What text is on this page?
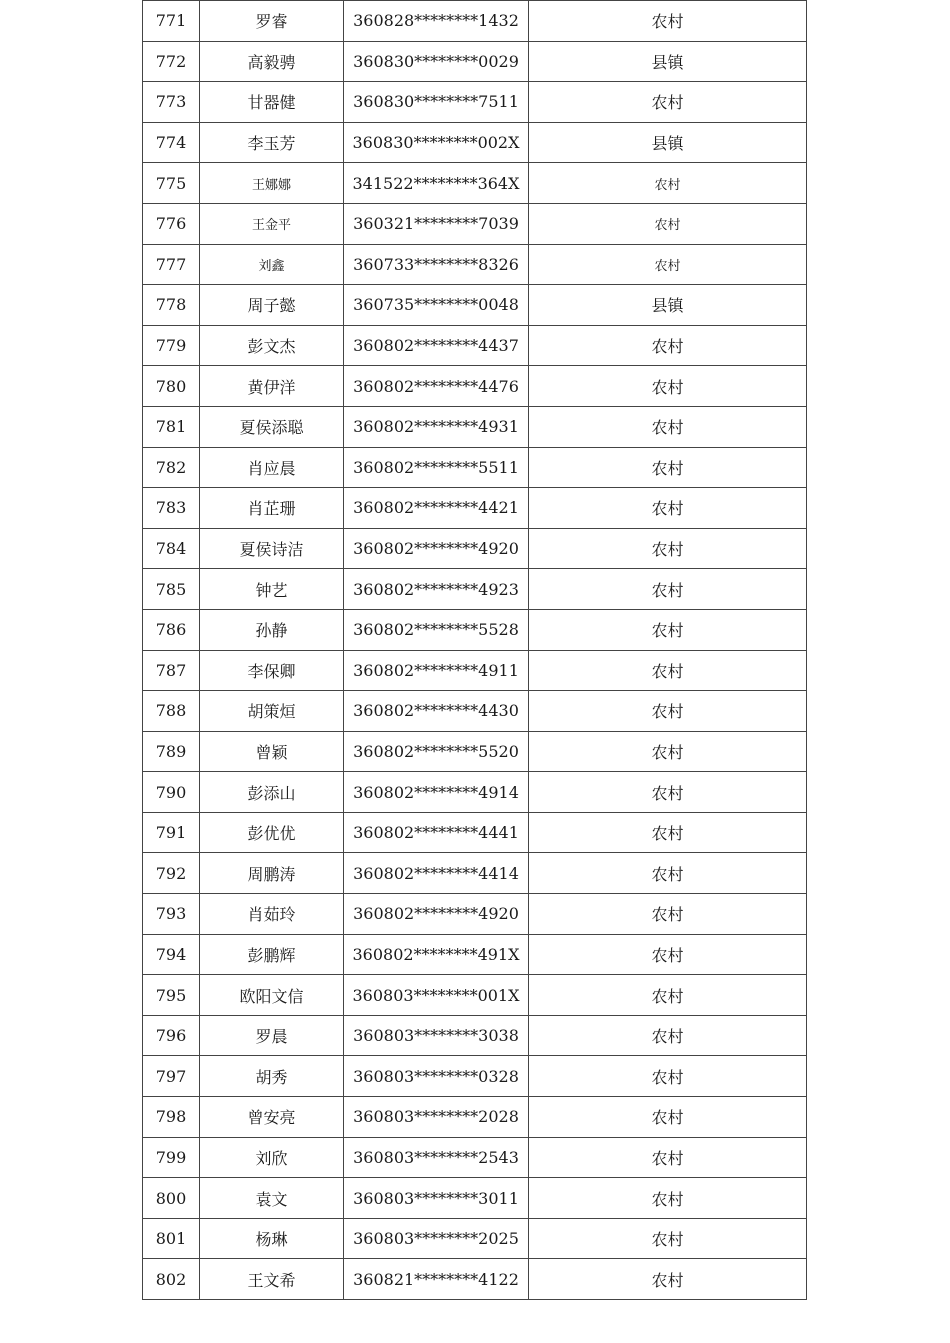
771	罗睿	360828********1432	农村
772	高毅骋	360830********0029	县镇
773	甘器健	360830********7511	农村
774	李玉芳	360830********002X	县镇
775	王娜娜	341522********364X	农村
776	王金平	360321********7039	农村
777	刘鑫	360733********8326	农村
778	周子懿	360735********0048	县镇
779	彭文杰	360802********4437	农村
780	黄伊洋	360802********4476	农村
781	夏侯添聪	360802********4931	农村
782	肖应晨	360802********5511	农村
783	肖芷珊	360802********4421	农村
784	夏侯诗洁	360802********4920	农村
785	钟艺	360802********4923	农村
786	孙静	360802********5528	农村
787	李保卿	360802********4911	农村
788	胡策烜	360802********4430	农村
789	曾颖	360802********5520	农村
790	彭添山	360802********4914	农村
791	彭优优	360802********4441	农村
792	周鹏涛	360802********4414	农村
793	肖茹玲	360802********4920	农村
794	彭鹏辉	360802********491X	农村
795	欧阳文信	360803********001X	农村
796	罗晨	360803********3038	农村
797	胡秀	360803********0328	农村
798	曾安亮	360803********2028	农村
799	刘欣	360803********2543	农村
800	袁文	360803********3011	农村
801	杨琳	360803********2025	农村
802	王文希	360821********4122	农村
